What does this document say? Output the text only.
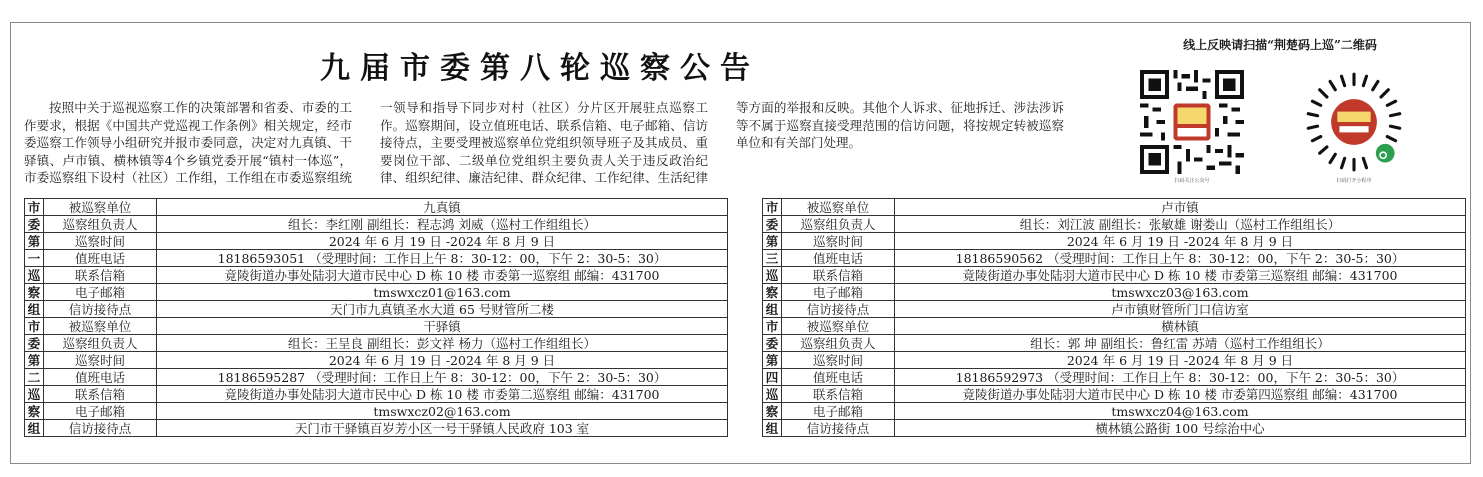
九届市委第八轮巡察公告

按照中关于巡视巡察工作的决策部署和省委、市委的工作要求，根据《中国共产党巡视工作条例》相关规定，经市委巡察工作领导小组研究并报市委同意，决定对九真镇、干驿镇、卢市镇、横林镇等4个乡镇党委开展“镇村一体巡”，市委巡察组下设村（社区）工作组，工作组在市委巡察组统一领导和指导下同步对村（社区）分片区开展驻点巡察工作。巡察期间，设立值班电话、联系信箱、电子邮箱、信访接待点，主要受理被巡察单位党组织领导班子及其成员、重要岗位干部、二级单位党组织主要负责人关于违反政治纪律、组织纪律、廉洁纪律、群众纪律、工作纪律、生活纪律等方面的举报和反映。其他个人诉求、征地拆迁、涉法涉诉等不属于巡察直接受理范围的信访问题，将按规定转被巡察单位和有关部门处理。

线上反映请扫描“荆楚码上巡”二维码
扫码关注公众号	扫码打开小程序
市	被巡察单位	九真镇
委	巡察组负责人	组长：李红刚 副组长：程志鸿 刘威（巡村工作组组长）
第	巡察时间	2024 年 6 月 19 日 -2024 年 8 月 9 日
一	值班电话	18186593051 （受理时间：工作日上午 8：30-12：00，下午 2：30-5：30）
巡	联系信箱	竟陵街道办事处陆羽大道市民中心 D 栋 10 楼 市委第一巡察组 邮编：431700
察	电子邮箱	tmswxcz01@163.com
组	信访接待点	天门市九真镇圣水大道 65 号财管所二楼
市	被巡察单位	干驿镇
委	巡察组负责人	组长：王呈良 副组长：彭文祥 杨力（巡村工作组组长）
第	巡察时间	2024 年 6 月 19 日 -2024 年 8 月 9 日
二	值班电话	18186595287 （受理时间：工作日上午 8：30-12：00，下午 2：30-5：30）
巡	联系信箱	竟陵街道办事处陆羽大道市民中心 D 栋 10 楼 市委第二巡察组 邮编：431700
察	电子邮箱	tmswxcz02@163.com
组	信访接待点	天门市干驿镇百岁芳小区一号干驿镇人民政府 103 室
市	被巡察单位	卢市镇
委	巡察组负责人	组长：刘江波 副组长：张敏雄 谢娄山（巡村工作组组长）
第	巡察时间	2024 年 6 月 19 日 -2024 年 8 月 9 日
三	值班电话	18186590562 （受理时间：工作日上午 8：30-12：00，下午 2：30-5：30）
巡	联系信箱	竟陵街道办事处陆羽大道市民中心 D 栋 10 楼 市委第三巡察组 邮编：431700
察	电子邮箱	tmswxcz03@163.com
组	信访接待点	卢市镇财管所门口信访室
市	被巡察单位	横林镇
委	巡察组负责人	组长：郭 坤 副组长：鲁红雷 苏靖（巡村工作组组长）
第	巡察时间	2024 年 6 月 19 日 -2024 年 8 月 9 日
四	值班电话	18186592973 （受理时间：工作日上午 8：30-12：00，下午 2：30-5：30）
巡	联系信箱	竟陵街道办事处陆羽大道市民中心 D 栋 10 楼 市委第四巡察组 邮编：431700
察	电子邮箱	tmswxcz04@163.com
组	信访接待点	横林镇公路街 100 号综治中心
